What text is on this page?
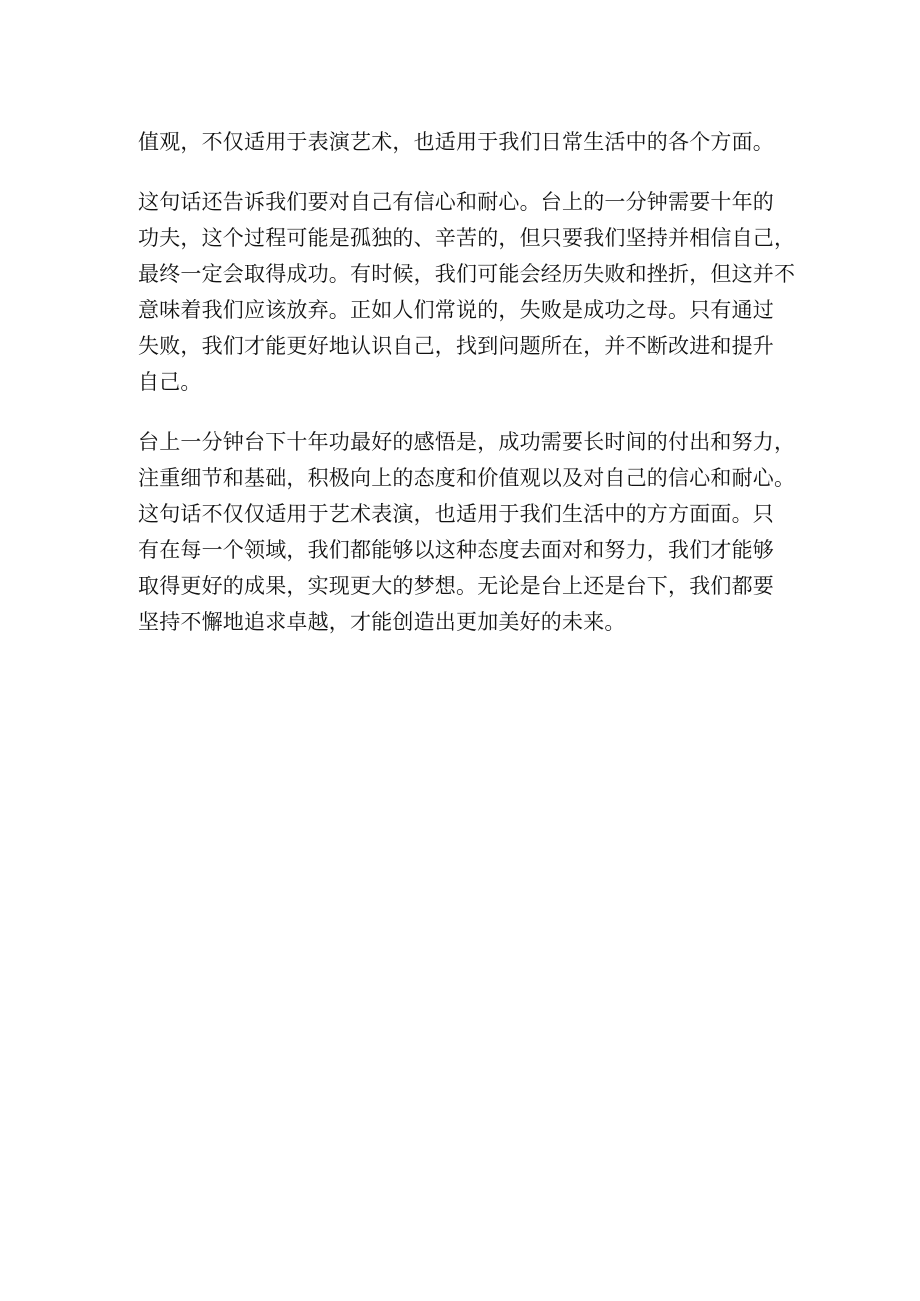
值观，不仅适用于表演艺术，也适用于我们日常生活中的各个方面。
这句话还告诉我们要对自己有信心和耐心。台上的一分钟需要十年的
功夫，这个过程可能是孤独的、辛苦的，但只要我们坚持并相信自己，
最终一定会取得成功。有时候，我们可能会经历失败和挫折，但这并不
意味着我们应该放弃。正如人们常说的，失败是成功之母。只有通过
失败，我们才能更好地认识自己，找到问题所在，并不断改进和提升
自己。
台上一分钟台下十年功最好的感悟是，成功需要长时间的付出和努力，
注重细节和基础，积极向上的态度和价值观以及对自己的信心和耐心。
这句话不仅仅适用于艺术表演，也适用于我们生活中的方方面面。只
有在每一个领域，我们都能够以这种态度去面对和努力，我们才能够
取得更好的成果，实现更大的梦想。无论是台上还是台下，我们都要
坚持不懈地追求卓越，才能创造出更加美好的未来。
